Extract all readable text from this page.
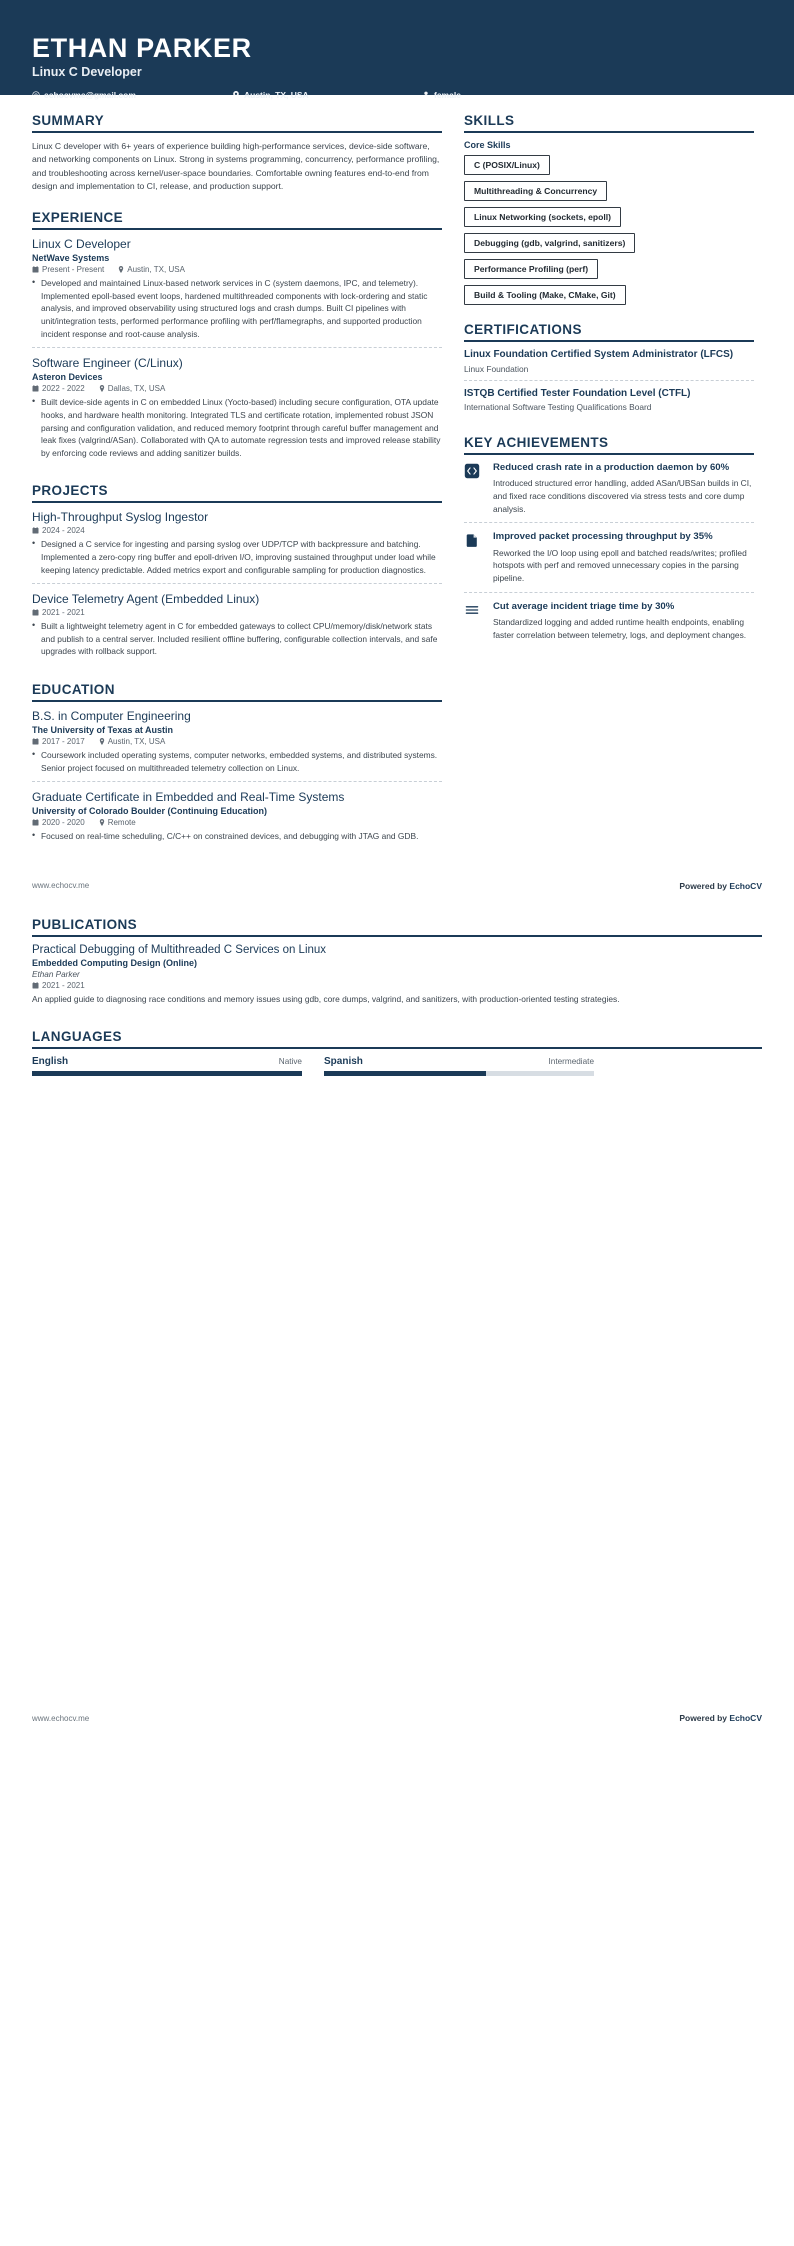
ETHAN PARKER
Linux C Developer
echocvme@gmail.com	Austin, TX, USA	female
SUMMARY
Linux C developer with 6+ years of experience building high-performance services, device-side software, and networking components on Linux. Strong in systems programming, concurrency, performance profiling, and troubleshooting across kernel/user-space boundaries. Comfortable owning features end-to-end from design and implementation to CI, release, and production support.
EXPERIENCE
Linux C Developer
NetWave Systems
Present - Present	Austin, TX, USA
• Developed and maintained Linux-based network services in C (system daemons, IPC, and telemetry). Implemented epoll-based event loops, hardened multithreaded components with lock-ordering and static analysis, and improved observability using structured logs and crash dumps. Built CI pipelines with unit/integration tests, performed performance profiling with perf/flamegraphs, and supported production incident response and root-cause analysis.
Software Engineer (C/Linux)
Asteron Devices
2022 - 2022	Dallas, TX, USA
• Built device-side agents in C on embedded Linux (Yocto-based) including secure configuration, OTA update hooks, and hardware health monitoring. Integrated TLS and certificate rotation, implemented robust JSON parsing and configuration validation, and reduced memory footprint through careful buffer management and leak fixes (valgrind/ASan). Collaborated with QA to automate regression tests and improved release stability by enforcing code reviews and adding sanitizer builds.
PROJECTS
High-Throughput Syslog Ingestor
2024 - 2024
• Designed a C service for ingesting and parsing syslog over UDP/TCP with backpressure and batching. Implemented a zero-copy ring buffer and epoll-driven I/O, improving sustained throughput under load while keeping latency predictable. Added metrics export and configurable sampling for production diagnostics.
Device Telemetry Agent (Embedded Linux)
2021 - 2021
• Built a lightweight telemetry agent in C for embedded gateways to collect CPU/memory/disk/network stats and publish to a central server. Included resilient offline buffering, configurable collection intervals, and safe upgrades with rollback support.
EDUCATION
B.S. in Computer Engineering
The University of Texas at Austin
2017 - 2017	Austin, TX, USA
• Coursework included operating systems, computer networks, embedded systems, and distributed systems. Senior project focused on multithreaded telemetry collection on Linux.
Graduate Certificate in Embedded and Real-Time Systems
University of Colorado Boulder (Continuing Education)
2020 - 2020	Remote
• Focused on real-time scheduling, C/C++ on constrained devices, and debugging with JTAG and GDB.
SKILLS
Core Skills
C (POSIX/Linux)
Multithreading & Concurrency
Linux Networking (sockets, epoll)
Debugging (gdb, valgrind, sanitizers)
Performance Profiling (perf)
Build & Tooling (Make, CMake, Git)
CERTIFICATIONS
Linux Foundation Certified System Administrator (LFCS)
Linux Foundation
ISTQB Certified Tester Foundation Level (CTFL)
International Software Testing Qualifications Board
KEY ACHIEVEMENTS
Reduced crash rate in a production daemon by 60%
Introduced structured error handling, added ASan/UBSan builds in CI, and fixed race conditions discovered via stress tests and core dump analysis.
Improved packet processing throughput by 35%
Reworked the I/O loop using epoll and batched reads/writes; profiled hotspots with perf and removed unnecessary copies in the parsing pipeline.
Cut average incident triage time by 30%
Standardized logging and added runtime health endpoints, enabling faster correlation between telemetry, logs, and deployment changes.
www.echocv.me	Powered by EchoCV
PUBLICATIONS
Practical Debugging of Multithreaded C Services on Linux
Embedded Computing Design (Online)
Ethan Parker
2021 - 2021
An applied guide to diagnosing race conditions and memory issues using gdb, core dumps, valgrind, and sanitizers, with production-oriented testing strategies.
LANGUAGES
English	Native Spanish	Intermediate
www.echocv.me	Powered by EchoCV
